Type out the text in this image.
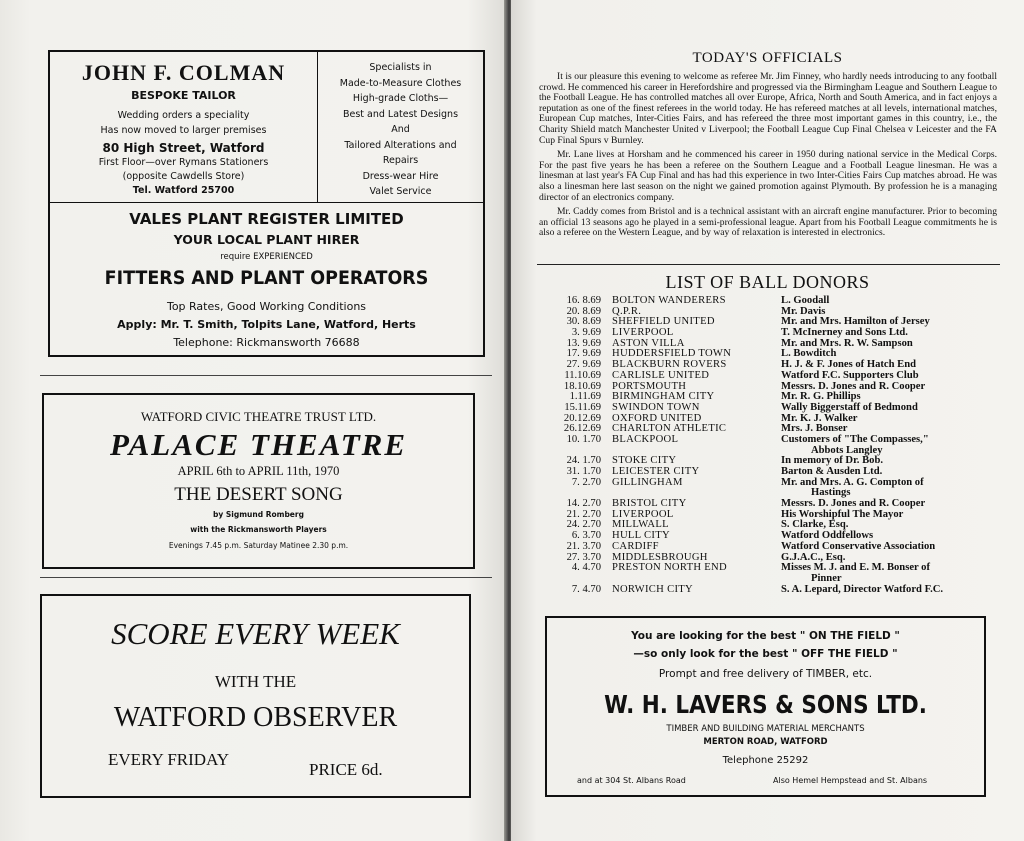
JOHN F. COLMAN
BESPOKE TAILOR
Wedding orders a speciality
Has now moved to larger premises
80 High Street, Watford
First Floor—over Rymans Stationers
(opposite Cawdells Store)
Tel. Watford 25700
Specialists in
Made-to-Measure Clothes
High-grade Cloths—
Best and Latest Designs
And
Tailored Alterations and
Repairs
Dress-wear Hire
Valet Service
VALES PLANT REGISTER LIMITED
YOUR LOCAL PLANT HIRER
require EXPERIENCED
FITTERS AND PLANT OPERATORS
Top Rates, Good Working Conditions
Apply: Mr. T. Smith, Tolpits Lane, Watford, Herts
Telephone: Rickmansworth 76688
WATFORD CIVIC THEATRE TRUST LTD.
PALACE THEATRE
APRIL 6th to APRIL 11th, 1970
THE DESERT SONG
by Sigmund Romberg
with the Rickmansworth Players
Evenings 7.45 p.m. Saturday Matinee 2.30 p.m.
SCORE EVERY WEEK
WITH THE
WATFORD OBSERVER
EVERY FRIDAY
PRICE 6d.
TODAY'S OFFICIALS

It is our pleasure this evening to welcome as referee Mr. Jim Finney, who hardly needs introducing to any football crowd. He commenced his career in Herefordshire and progressed via the Birmingham League and Southern League to the Football League. He has controlled matches all over Europe, Africa, North and South America, and in fact enjoys a reputation as one of the finest referees in the world today. He has refereed matches at all levels, international matches, European Cup matches, Inter-Cities Fairs, and has refereed the three most important games in this country, i.e., the Charity Shield match Manchester United v Liverpool; the Football League Cup Final Chelsea v Leicester and the FA Cup Final Spurs v Burnley.

Mr. Lane lives at Horsham and he commenced his career in 1950 during national service in the Medical Corps. For the past five years he has been a referee on the Southern League and a Football League linesman. He was a linesman at last year's FA Cup Final and has had this experience in two Inter-Cities Fairs Cup matches abroad. He was also a linesman here last season on the night we gained promotion against Plymouth. By profession he is a managing director of an electronics company.

Mr. Caddy comes from Bristol and is a technical assistant with an aircraft engine manufacturer. Prior to becoming an official 13 seasons ago he played in a semi-professional league. Apart from his Football League commitments he is also a referee on the Western League, and by way of relaxation is interested in electronics.

LIST OF BALL DONORS
16. 8.69 BOLTON WANDERERS	L. Goodall
20. 8.69 Q.P.R.	Mr. Davis
30. 8.69 SHEFFIELD UNITED	Mr. and Mrs. Hamilton of Jersey
3. 9.69 LIVERPOOL	T. McInerney and Sons Ltd.
13. 9.69 ASTON VILLA	Mr. and Mrs. R. W. Sampson
17. 9.69 HUDDERSFIELD TOWN	L. Bowditch
27. 9.69 BLACKBURN ROVERS	H. J. & F. Jones of Hatch End
11.10.69 CARLISLE UNITED	Watford F.C. Supporters Club
18.10.69 PORTSMOUTH	Messrs. D. Jones and R. Cooper
1.11.69 BIRMINGHAM CITY	Mr. R. G. Phillips
15.11.69 SWINDON TOWN	Wally Biggerstaff of Bedmond
20.12.69 OXFORD UNITED	Mr. K. J. Walker
26.12.69 CHARLTON ATHLETIC	Mrs. J. Bonser
10. 1.70 BLACKPOOL	Customers of "The Compasses,"
Abbots Langley
24. 1.70 STOKE CITY	In memory of Dr. Bob.
31. 1.70 LEICESTER CITY	Barton & Ausden Ltd.
7. 2.70 GILLINGHAM	Mr. and Mrs. A. G. Compton of
Hastings
14. 2.70 BRISTOL CITY	Messrs. D. Jones and R. Cooper
21. 2.70 LIVERPOOL	His Worshipful The Mayor
24. 2.70 MILLWALL	S. Clarke, Esq.
6. 3.70 HULL CITY	Watford Oddfellows
21. 3.70 CARDIFF	Watford Conservative Association
27. 3.70 MIDDLESBROUGH	G.J.A.C., Esq.
4. 4.70 PRESTON NORTH END	Misses M. J. and E. M. Bonser of
Pinner
7. 4.70 NORWICH CITY	S. A. Lepard, Director Watford F.C.
You are looking for the best " ON THE FIELD "
—so only look for the best " OFF THE FIELD "
Prompt and free delivery of TIMBER, etc.
W. H. LAVERS & SONS LTD.
TIMBER AND BUILDING MATERIAL MERCHANTS
MERTON ROAD, WATFORD
Telephone 25292
and at 304 St. Albans Road	Also Hemel Hempstead and St. Albans
